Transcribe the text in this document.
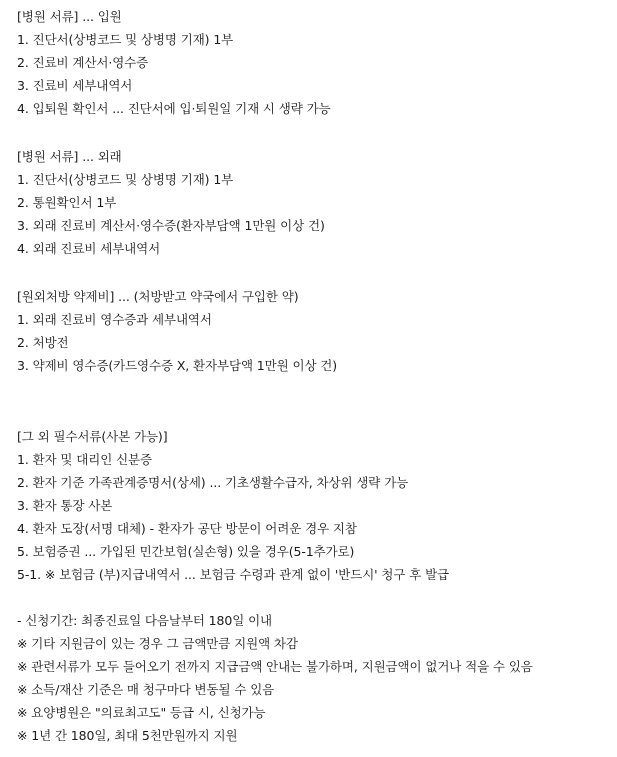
[병원 서류] ... 입원
1. 진단서(상병코드 및 상병명 기재) 1부
2. 진료비 계산서·영수증
3. 진료비 세부내역서
4. 입퇴원 확인서 ... 진단서에 입·퇴원일 기재 시 생략 가능
[병원 서류] ... 외래
1. 진단서(상병코드 및 상병명 기재) 1부
2. 통원확인서 1부
3. 외래 진료비 계산서·영수증(환자부담액 1만원 이상 건)
4. 외래 진료비 세부내역서
[원외처방 약제비] ... (처방받고 약국에서 구입한 약)
1. 외래 진료비 영수증과 세부내역서
2. 처방전
3. 약제비 영수증(카드영수증 X, 환자부담액 1만원 이상 건)
[그 외 필수서류(사본 가능)]
1. 환자 및 대리인 신분증
2. 환자 기준 가족관계증명서(상세) ... 기초생활수급자, 차상위 생략 가능
3. 환자 통장 사본
4. 환자 도장(서명 대체) - 환자가 공단 방문이 어려운 경우 지참
5. 보험증권 ... 가입된 민간보험(실손형) 있을 경우(5-1추가로)
5-1. ※ 보험금 (부)지급내역서 ... 보험금 수령과 관계 없이 '반드시' 청구 후 발급
- 신청기간: 최종진료일 다음날부터 180일 이내
※ 기타 지원금이 있는 경우 그 금액만큼 지원액 차감
※ 관련서류가 모두 들어오기 전까지 지급금액 안내는 불가하며, 지원금액이 없거나 적을 수 있음
※ 소득/재산 기준은 매 청구마다 변동될 수 있음
※ 요양병원은 "의료최고도" 등급 시, 신청가능
※ 1년 간 180일, 최대 5천만원까지 지원
